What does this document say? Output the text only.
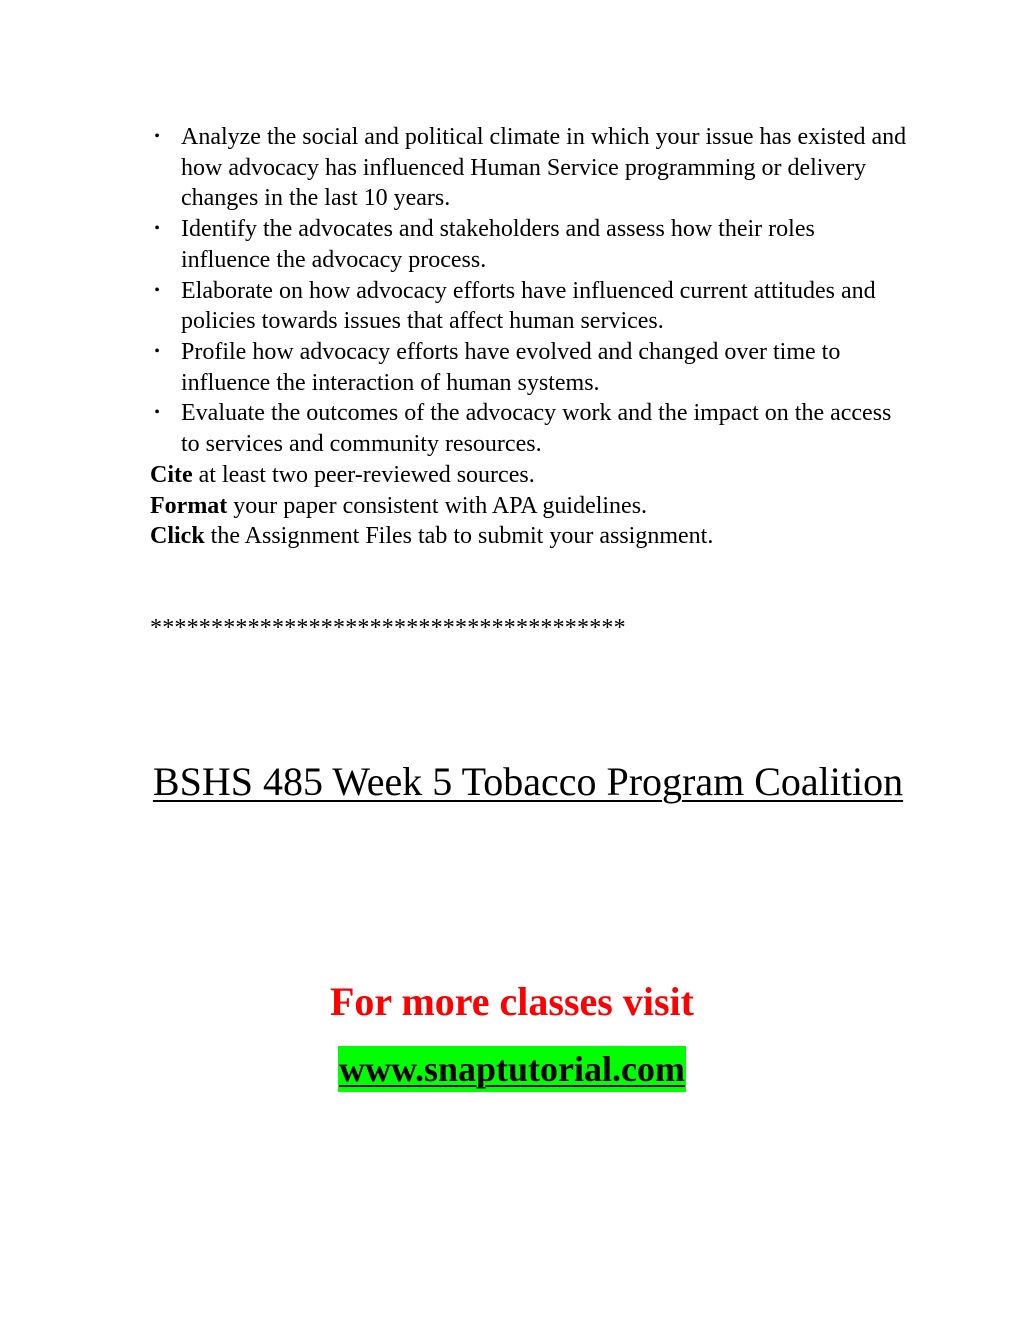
• Analyze the social and political climate in which your issue has existed and how advocacy has influenced Human Service programming or delivery changes in the last 10 years.
• Identify the advocates and stakeholders and assess how their roles influence the advocacy process.
• Elaborate on how advocacy efforts have influenced current attitudes and policies towards issues that affect human services.
• Profile how advocacy efforts have evolved and changed over time to influence the interaction of human systems.
• Evaluate the outcomes of the advocacy work and the impact on the access to services and community resources.
Cite at least two peer-reviewed sources.
Format your paper consistent with APA guidelines.
Click the Assignment Files tab to submit your assignment.
***************************************
BSHS 485 Week 5 Tobacco Program Coalition
For more classes visit
www.snaptutorial.com
